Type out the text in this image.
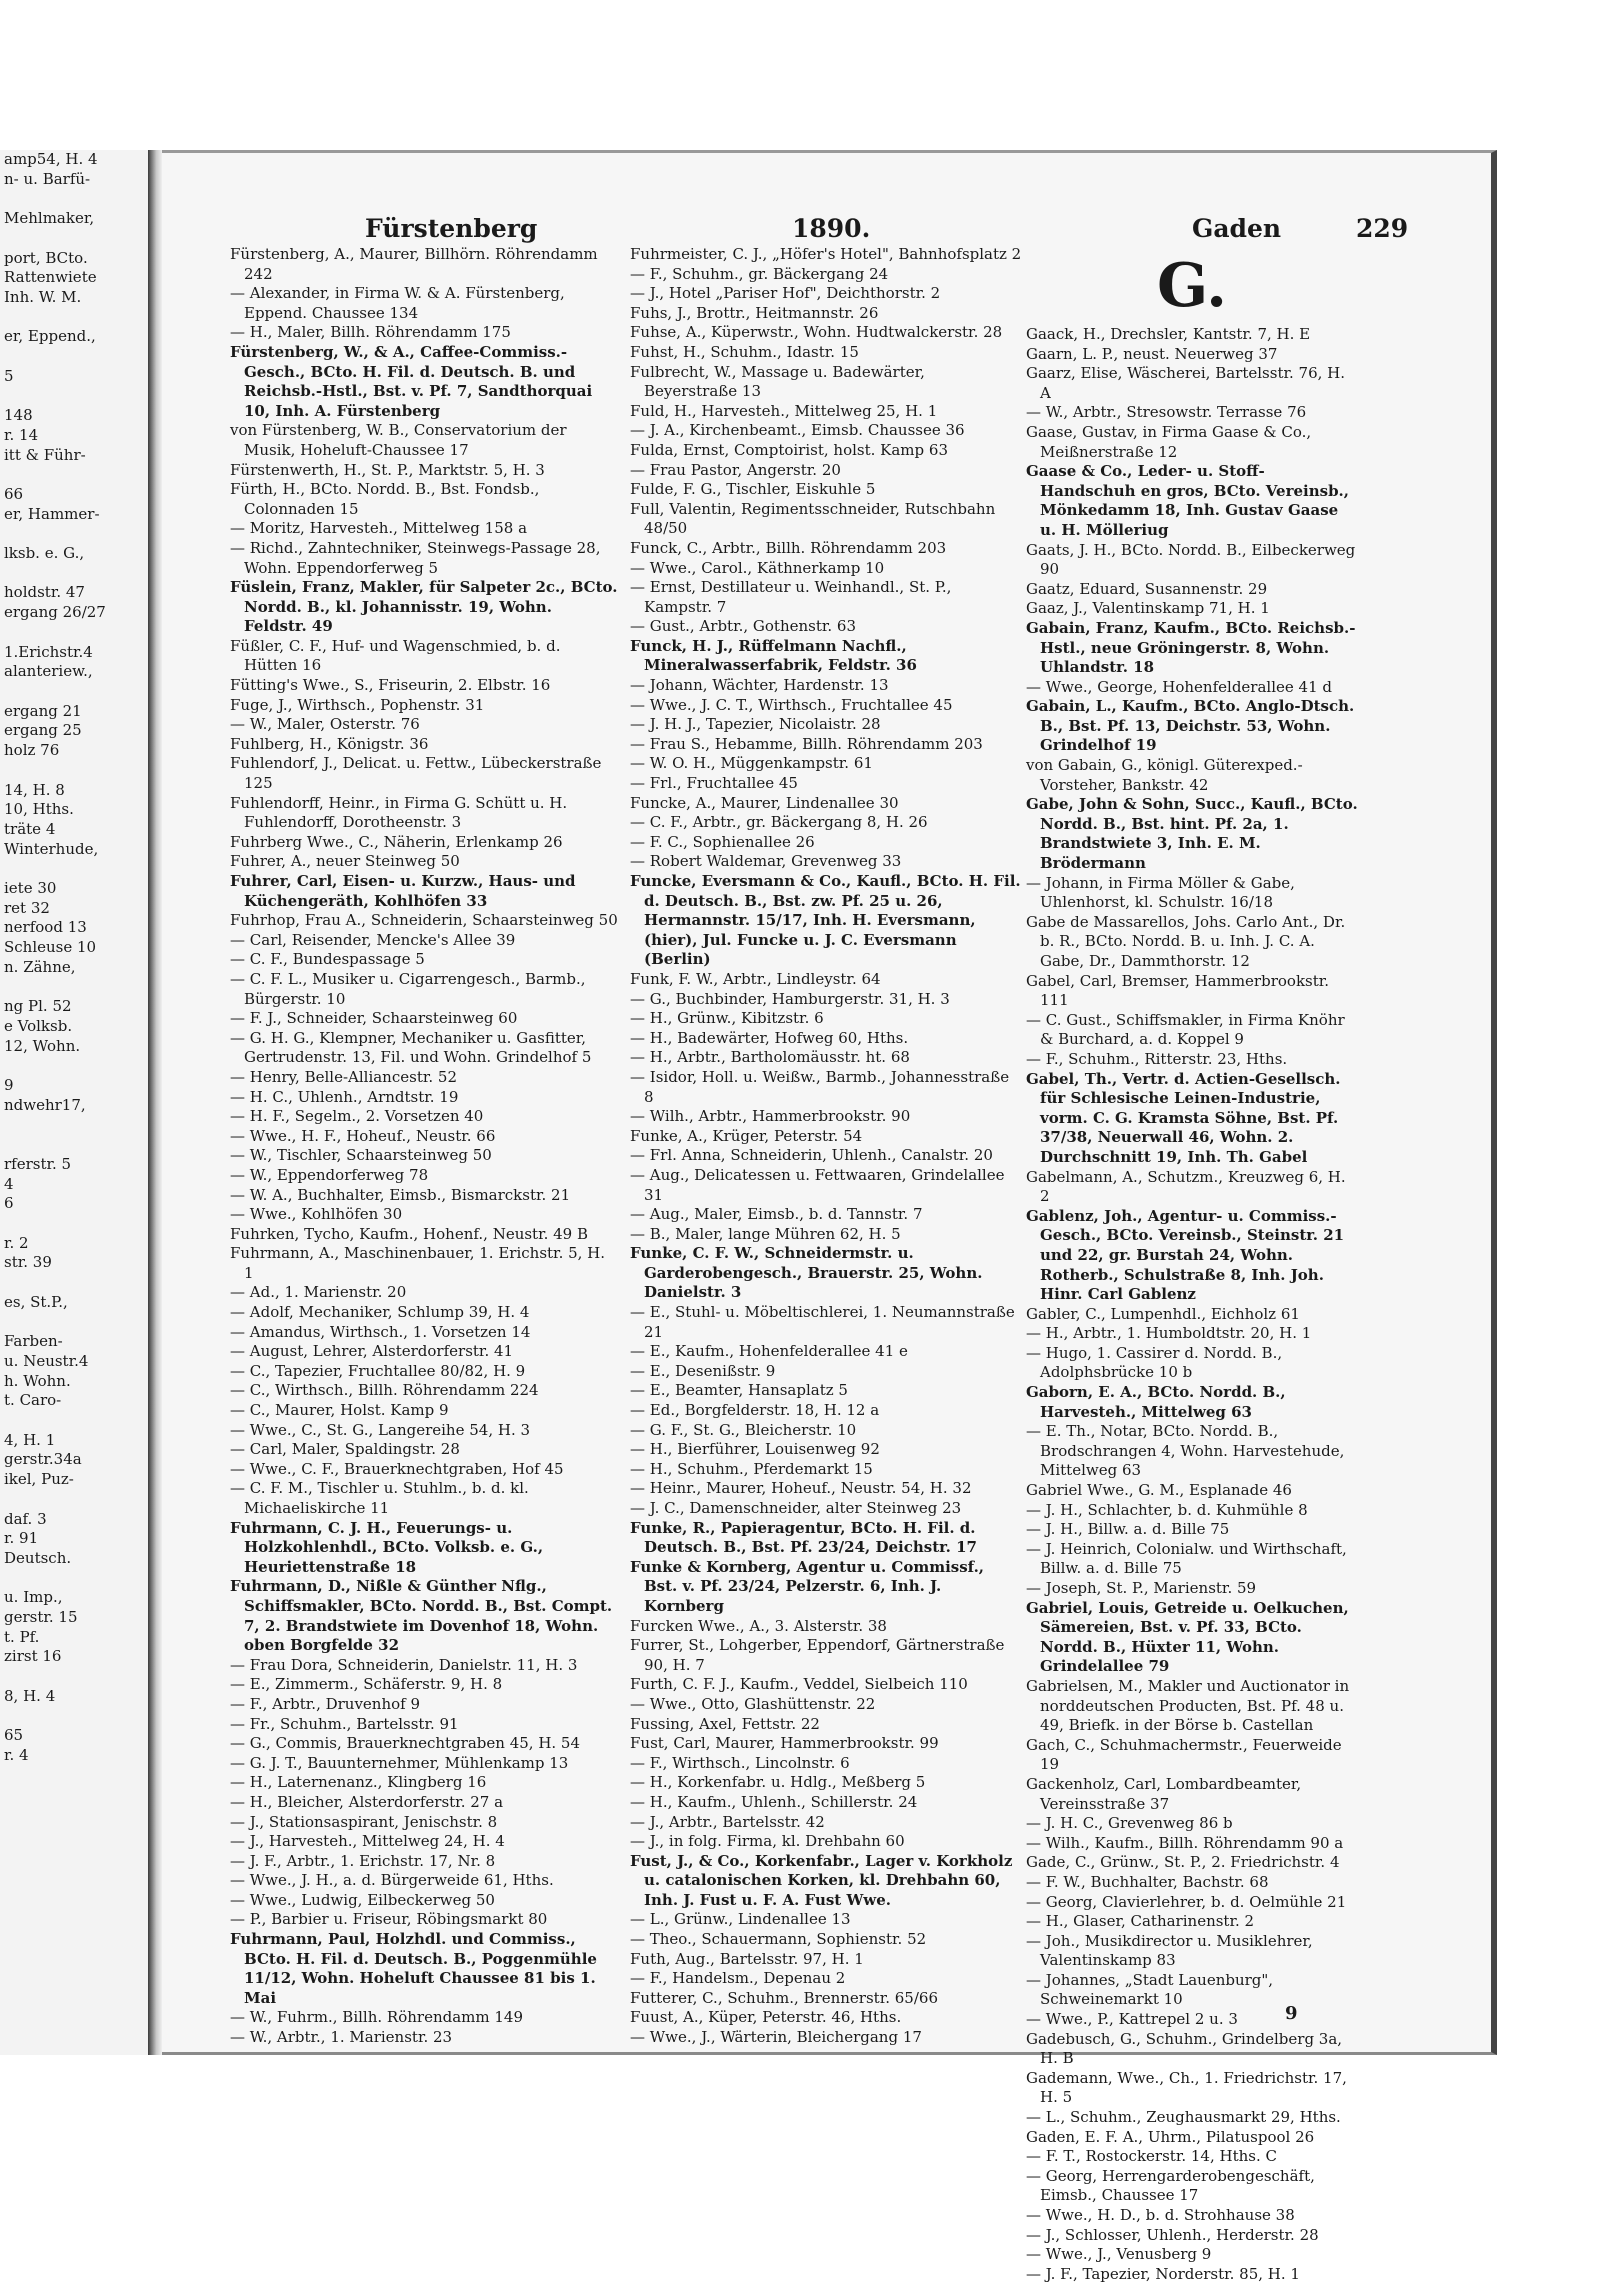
amp54, H. 4
n- u. Barfü-

Mehlmaker,

port, BCto.
Rattenwiete
Inh. W. M.

er, Eppend.,

5

148
r. 14
itt & Führ-

66
er, Hammer-

lksb. e. G.,

holdstr. 47
ergang 26/27

1.Erichstr.4
alanteriew.,

ergang 21
ergang 25
holz 76

14, H. 8
10, Hths.
träte 4
Winterhude,

iete 30
ret 32
nerfood 13
Schleuse 10
n. Zähne,

ng Pl. 52
e Volksb.
12, Wohn.

9
ndwehr17,

rferstr. 5
4
6

r. 2
str. 39

es, St.P.,

Farben-
u. Neustr.4
h. Wohn.
t. Caro-

4, H. 1
gerstr.34a
ikel, Puz-

daf. 3
r. 91
Deutsch.

u. Imp.,
gerstr. 15
t. Pf.
zirst 16

8, H. 4

65
r. 4
Fürstenberg	1890.	Gaden	229
Fürstenberg, A., Maurer, Billhörn. Röhrendamm 242
— Alexander, in Firma W. & A. Fürstenberg, Eppend. Chaussee 134
— H., Maler, Billh. Röhrendamm 175
Fürstenberg, W., & A., Caffee-Commiss.-Gesch., BCto. H. Fil. d. Deutsch. B. und Reichsb.-Hstl., Bst. v. Pf. 7, Sandthorquai 10, Inh. A. Fürstenberg
von Fürstenberg, W. B., Conservatorium der Musik, Hoheluft-Chaussee 17
Fürstenwerth, H., St. P., Marktstr. 5, H. 3
Fürth, H., BCto. Nordd. B., Bst. Fondsb., Colonnaden 15
— Moritz, Harvesteh., Mittelweg 158 a
— Richd., Zahntechniker, Steinwegs-Passage 28, Wohn. Eppendorferweg 5
Füslein, Franz, Makler, für Salpeter 2c., BCto. Nordd. B., kl. Johannisstr. 19, Wohn. Feldstr. 49
Füßler, C. F., Huf- und Wagenschmied, b. d. Hütten 16
Fütting's Wwe., S., Friseurin, 2. Elbstr. 16
Fuge, J., Wirthsch., Pophenstr. 31
— W., Maler, Osterstr. 76
Fuhlberg, H., Königstr. 36
Fuhlendorf, J., Delicat. u. Fettw., Lübeckerstraße 125
Fuhlendorff, Heinr., in Firma G. Schütt u. H. Fuhlendorff, Dorotheenstr. 3
Fuhrberg Wwe., C., Näherin, Erlenkamp 26
Fuhrer, A., neuer Steinweg 50
Fuhrer, Carl, Eisen- u. Kurzw., Haus- und Küchengeräth, Kohlhöfen 33
Fuhrhop, Frau A., Schneiderin, Schaarsteinweg 50
— Carl, Reisender, Mencke's Allee 39
— C. F., Bundespassage 5
— C. F. L., Musiker u. Cigarrengesch., Barmb., Bürgerstr. 10
— F. J., Schneider, Schaarsteinweg 60
— G. H. G., Klempner, Mechaniker u. Gasfitter, Gertrudenstr. 13, Fil. und Wohn. Grindelhof 5
— Henry, Belle-Alliancestr. 52
— H. C., Uhlenh., Arndtstr. 19
— H. F., Segelm., 2. Vorsetzen 40
— Wwe., H. F., Hoheuf., Neustr. 66
— W., Tischler, Schaarsteinweg 50
— W., Eppendorferweg 78
— W. A., Buchhalter, Eimsb., Bismarckstr. 21
— Wwe., Kohlhöfen 30
Fuhrken, Tycho, Kaufm., Hohenf., Neustr. 49 B
Fuhrmann, A., Maschinenbauer, 1. Erichstr. 5, H. 1
— Ad., 1. Marienstr. 20
— Adolf, Mechaniker, Schlump 39, H. 4
— Amandus, Wirthsch., 1. Vorsetzen 14
— August, Lehrer, Alsterdorferstr. 41
— C., Tapezier, Fruchtallee 80/82, H. 9
— C., Wirthsch., Billh. Röhrendamm 224
— C., Maurer, Holst. Kamp 9
— Wwe., C., St. G., Langereihe 54, H. 3
— Carl, Maler, Spaldingstr. 28
— Wwe., C. F., Brauerknechtgraben, Hof 45
— C. F. M., Tischler u. Stuhlm., b. d. kl. Michaeliskirche 11
Fuhrmann, C. J. H., Feuerungs- u. Holzkohlenhdl., BCto. Volksb. e. G., Heuriettenstraße 18
Fuhrmann, D., Nißle & Günther Nflg., Schiffsmakler, BCto. Nordd. B., Bst. Compt. 7, 2. Brandstwiete im Dovenhof 18, Wohn. oben Borgfelde 32
— Frau Dora, Schneiderin, Danielstr. 11, H. 3
— E., Zimmerm., Schäferstr. 9, H. 8
— F., Arbtr., Druvenhof 9
— Fr., Schuhm., Bartelsstr. 91
— G., Commis, Brauerknechtgraben 45, H. 54
— G. J. T., Bauunternehmer, Mühlenkamp 13
— H., Laternenanz., Klingberg 16
— H., Bleicher, Alsterdorferstr. 27 a
— J., Stationsaspirant, Jenischstr. 8
— J., Harvesteh., Mittelweg 24, H. 4
— J. F., Arbtr., 1. Erichstr. 17, Nr. 8
— Wwe., J. H., a. d. Bürgerweide 61, Hths.
— Wwe., Ludwig, Eilbeckerweg 50
— P., Barbier u. Friseur, Röbingsmarkt 80
Fuhrmann, Paul, Holzhdl. und Commiss., BCto. H. Fil. d. Deutsch. B., Poggenmühle 11/12, Wohn. Hoheluft Chaussee 81 bis 1. Mai
— W., Fuhrm., Billh. Röhrendamm 149
— W., Arbtr., 1. Marienstr. 23
Fuhrmeister, C. J., „Höfer's Hotel", Bahnhofsplatz 2
— F., Schuhm., gr. Bäckergang 24
— J., Hotel „Pariser Hof", Deichthorstr. 2
Fuhs, J., Brottr., Heitmannstr. 26
Fuhse, A., Küperwstr., Wohn. Hudtwalckerstr. 28
Fuhst, H., Schuhm., Idastr. 15
Fulbrecht, W., Massage u. Badewärter, Beyerstraße 13
Fuld, H., Harvesteh., Mittelweg 25, H. 1
— J. A., Kirchenbeamt., Eimsb. Chaussee 36
Fulda, Ernst, Comptoirist, holst. Kamp 63
— Frau Pastor, Angerstr. 20
Fulde, F. G., Tischler, Eiskuhle 5
Full, Valentin, Regimentsschneider, Rutschbahn 48/50
Funck, C., Arbtr., Billh. Röhrendamm 203
— Wwe., Carol., Käthnerkamp 10
— Ernst, Destillateur u. Weinhandl., St. P., Kampstr. 7
— Gust., Arbtr., Gothenstr. 63
Funck, H. J., Rüffelmann Nachfl., Mineralwasserfabrik, Feldstr. 36
— Johann, Wächter, Hardenstr. 13
— Wwe., J. C. T., Wirthsch., Fruchtallee 45
— J. H. J., Tapezier, Nicolaistr. 28
— Frau S., Hebamme, Billh. Röhrendamm 203
— W. O. H., Müggenkampstr. 61
— Frl., Fruchtallee 45
Funcke, A., Maurer, Lindenallee 30
— C. F., Arbtr., gr. Bäckergang 8, H. 26
— F. C., Sophienallee 26
— Robert Waldemar, Grevenweg 33
Funcke, Eversmann & Co., Kaufl., BCto. H. Fil. d. Deutsch. B., Bst. zw. Pf. 25 u. 26, Hermannstr. 15/17, Inh. H. Eversmann, (hier), Jul. Funcke u. J. C. Eversmann (Berlin)
Funk, F. W., Arbtr., Lindleystr. 64
— G., Buchbinder, Hamburgerstr. 31, H. 3
— H., Grünw., Kibitzstr. 6
— H., Badewärter, Hofweg 60, Hths.
— H., Arbtr., Bartholomäusstr. ht. 68
— Isidor, Holl. u. Weißw., Barmb., Johannesstraße 8
— Wilh., Arbtr., Hammerbrookstr. 90
Funke, A., Krüger, Peterstr. 54
— Frl. Anna, Schneiderin, Uhlenh., Canalstr. 20
— Aug., Delicatessen u. Fettwaaren, Grindelallee 31
— Aug., Maler, Eimsb., b. d. Tannstr. 7
— B., Maler, lange Mühren 62, H. 5
Funke, C. F. W., Schneidermstr. u. Garderobengesch., Brauerstr. 25, Wohn. Danielstr. 3
— E., Stuhl- u. Möbeltischlerei, 1. Neumannstraße 21
— E., Kaufm., Hohenfelderallee 41 e
— E., Desenißstr. 9
— E., Beamter, Hansaplatz 5
— Ed., Borgfelderstr. 18, H. 12 a
— G. F., St. G., Bleicherstr. 10
— H., Bierführer, Louisenweg 92
— H., Schuhm., Pferdemarkt 15
— Heinr., Maurer, Hoheuf., Neustr. 54, H. 32
— J. C., Damenschneider, alter Steinweg 23
Funke, R., Papieragentur, BCto. H. Fil. d. Deutsch. B., Bst. Pf. 23/24, Deichstr. 17
Funke & Kornberg, Agentur u. Commissf., Bst. v. Pf. 23/24, Pelzerstr. 6, Inh. J. Kornberg
Furcken Wwe., A., 3. Alsterstr. 38
Furrer, St., Lohgerber, Eppendorf, Gärtnerstraße 90, H. 7
Furth, C. F. J., Kaufm., Veddel, Sielbeich 110
— Wwe., Otto, Glashüttenstr. 22
Fussing, Axel, Fettstr. 22
Fust, Carl, Maurer, Hammerbrookstr. 99
— F., Wirthsch., Lincolnstr. 6
— H., Korkenfabr. u. Hdlg., Meßberg 5
— H., Kaufm., Uhlenh., Schillerstr. 24
— J., Arbtr., Bartelsstr. 42
— J., in folg. Firma, kl. Drehbahn 60
Fust, J., & Co., Korkenfabr., Lager v. Korkholz u. catalonischen Korken, kl. Drehbahn 60, Inh. J. Fust u. F. A. Fust Wwe.
— L., Grünw., Lindenallee 13
— Theo., Schauermann, Sophienstr. 52
Futh, Aug., Bartelsstr. 97, H. 1
— F., Handelsm., Depenau 2
Futterer, C., Schuhm., Brennerstr. 65/66
Fuust, A., Küper, Peterstr. 46, Hths.
— Wwe., J., Wärterin, Bleichergang 17
G.
Gaack, H., Drechsler, Kantstr. 7, H. E
Gaarn, L. P., neust. Neuerweg 37
Gaarz, Elise, Wäscherei, Bartelsstr. 76, H. A
— W., Arbtr., Stresowstr. Terrasse 76
Gaase, Gustav, in Firma Gaase & Co., Meißnerstraße 12
Gaase & Co., Leder- u. Stoff-Handschuh en gros, BCto. Vereinsb., Mönkedamm 18, Inh. Gustav Gaase u. H. Mölleriug
Gaats, J. H., BCto. Nordd. B., Eilbeckerweg 90
Gaatz, Eduard, Susannenstr. 29
Gaaz, J., Valentinskamp 71, H. 1
Gabain, Franz, Kaufm., BCto. Reichsb.-Hstl., neue Gröningerstr. 8, Wohn. Uhlandstr. 18
— Wwe., George, Hohenfelderallee 41 d
Gabain, L., Kaufm., BCto. Anglo-Dtsch. B., Bst. Pf. 13, Deichstr. 53, Wohn. Grindelhof 19
von Gabain, G., königl. Güterexped.-Vorsteher, Bankstr. 42
Gabe, John & Sohn, Succ., Kaufl., BCto. Nordd. B., Bst. hint. Pf. 2a, 1. Brandstwiete 3, Inh. E. M. Brödermann
— Johann, in Firma Möller & Gabe, Uhlenhorst, kl. Schulstr. 16/18
Gabe de Massarellos, Johs. Carlo Ant., Dr. b. R., BCto. Nordd. B. u. Inh. J. C. A. Gabe, Dr., Dammthorstr. 12
Gabel, Carl, Bremser, Hammerbrookstr. 111
— C. Gust., Schiffsmakler, in Firma Knöhr & Burchard, a. d. Koppel 9
— F., Schuhm., Ritterstr. 23, Hths.
Gabel, Th., Vertr. d. Actien-Gesellsch. für Schlesische Leinen-Industrie, vorm. C. G. Kramsta Söhne, Bst. Pf. 37/38, Neuerwall 46, Wohn. 2. Durchschnitt 19, Inh. Th. Gabel
Gabelmann, A., Schutzm., Kreuzweg 6, H. 2
Gablenz, Joh., Agentur- u. Commiss.-Gesch., BCto. Vereinsb., Steinstr. 21 und 22, gr. Burstah 24, Wohn. Rotherb., Schulstraße 8, Inh. Joh. Hinr. Carl Gablenz
Gabler, C., Lumpenhdl., Eichholz 61
— H., Arbtr., 1. Humboldtstr. 20, H. 1
— Hugo, 1. Cassirer d. Nordd. B., Adolphsbrücke 10 b
Gaborn, E. A., BCto. Nordd. B., Harvesteh., Mittelweg 63
— E. Th., Notar, BCto. Nordd. B., Brodschrangen 4, Wohn. Harvestehude, Mittelweg 63
Gabriel Wwe., G. M., Esplanade 46
— J. H., Schlachter, b. d. Kuhmühle 8
— J. H., Billw. a. d. Bille 75
— J. Heinrich, Colonialw. und Wirthschaft, Billw. a. d. Bille 75
— Joseph, St. P., Marienstr. 59
Gabriel, Louis, Getreide u. Oelkuchen, Sämereien, Bst. v. Pf. 33, BCto. Nordd. B., Hüxter 11, Wohn. Grindelallee 79
Gabrielsen, M., Makler und Auctionator in norddeutschen Producten, Bst. Pf. 48 u. 49, Briefk. in der Börse b. Castellan
Gach, C., Schuhmachermstr., Feuerweide 19
Gackenholz, Carl, Lombardbeamter, Vereinsstraße 37
— J. H. C., Grevenweg 86 b
— Wilh., Kaufm., Billh. Röhrendamm 90 a
Gade, C., Grünw., St. P., 2. Friedrichstr. 4
— F. W., Buchhalter, Bachstr. 68
— Georg, Clavierlehrer, b. d. Oelmühle 21
— H., Glaser, Catharinenstr. 2
— Joh., Musikdirector u. Musiklehrer, Valentinskamp 83
— Johannes, „Stadt Lauenburg", Schweinemarkt 10
— Wwe., P., Kattrepel 2 u. 3
Gadebusch, G., Schuhm., Grindelberg 3a, H. B
Gademann, Wwe., Ch., 1. Friedrichstr. 17, H. 5
— L., Schuhm., Zeughausmarkt 29, Hths.
Gaden, E. F. A., Uhrm., Pilatuspool 26
— F. T., Rostockerstr. 14, Hths. C
— Georg, Herrengarderobengeschäft, Eimsb., Chaussee 17
— Wwe., H. D., b. d. Strohhause 38
— J., Schlosser, Uhlenh., Herderstr. 28
— Wwe., J., Venusberg 9
— J. F., Tapezier, Norderstr. 85, H. 1
9
